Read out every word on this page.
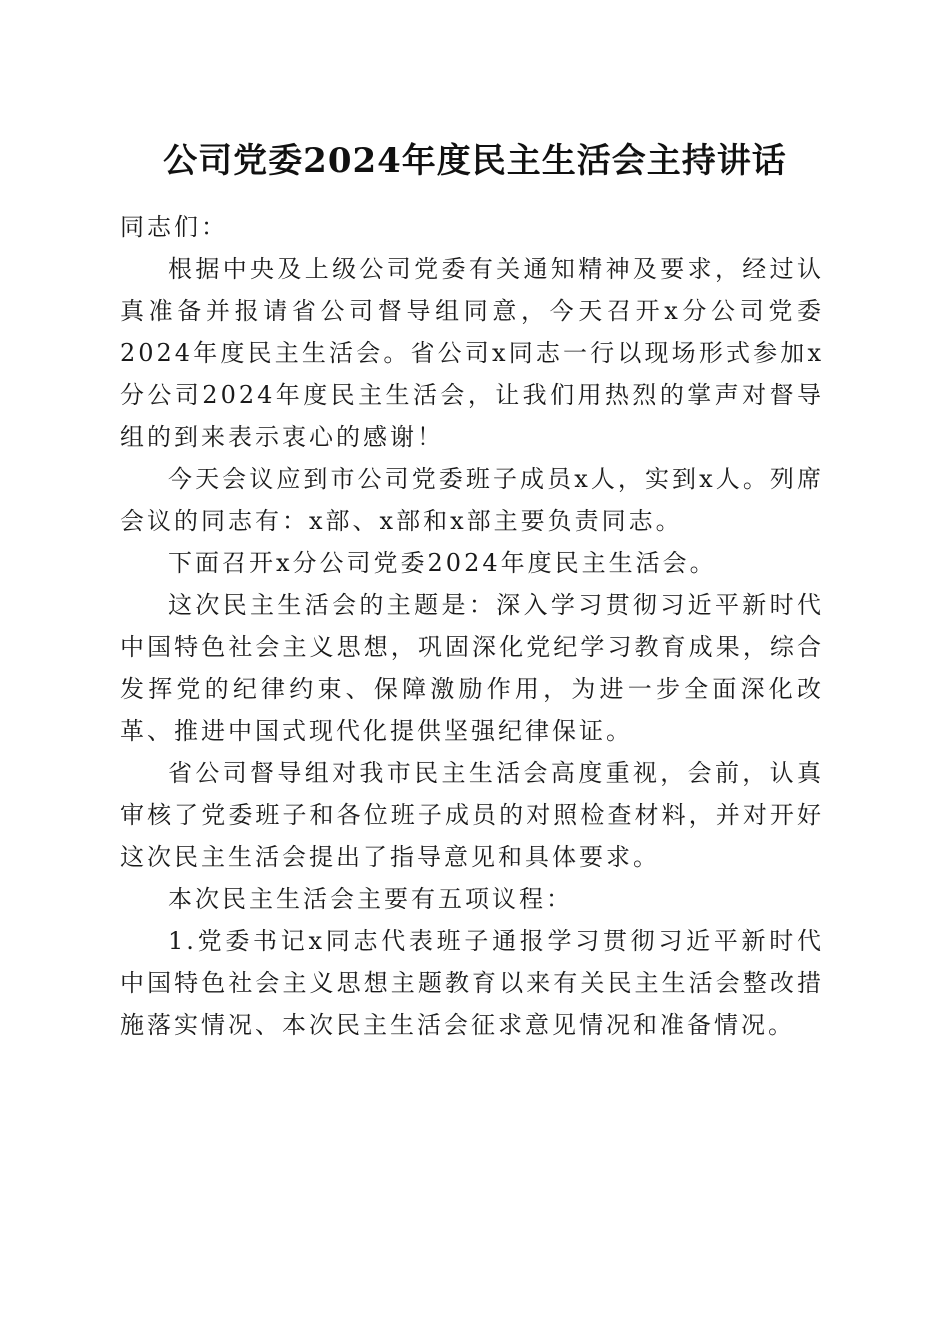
公司党委2024年度民主生活会主持讲话

同志们：

根据中央及上级公司党委有关通知精神及要求，经过认真准备并报请省公司督导组同意，今天召开x分公司党委2024年度民主生活会。省公司x同志一行以现场形式参加x分公司2024年度民主生活会，让我们用热烈的掌声对督导组的到来表示衷心的感谢！

今天会议应到市公司党委班子成员x人，实到x人。列席会议的同志有：x部、x部和x部主要负责同志。

下面召开x分公司党委2024年度民主生活会。

这次民主生活会的主题是：深入学习贯彻习近平新时代中国特色社会主义思想，巩固深化党纪学习教育成果，综合发挥党的纪律约束、保障激励作用，为进一步全面深化改革、推进中国式现代化提供坚强纪律保证。

省公司督导组对我市民主生活会高度重视，会前，认真审核了党委班子和各位班子成员的对照检查材料，并对开好这次民主生活会提出了指导意见和具体要求。

本次民主生活会主要有五项议程：

1.党委书记x同志代表班子通报学习贯彻习近平新时代中国特色社会主义思想主题教育以来有关民主生活会整改措施落实情况、本次民主生活会征求意见情况和准备情况。
